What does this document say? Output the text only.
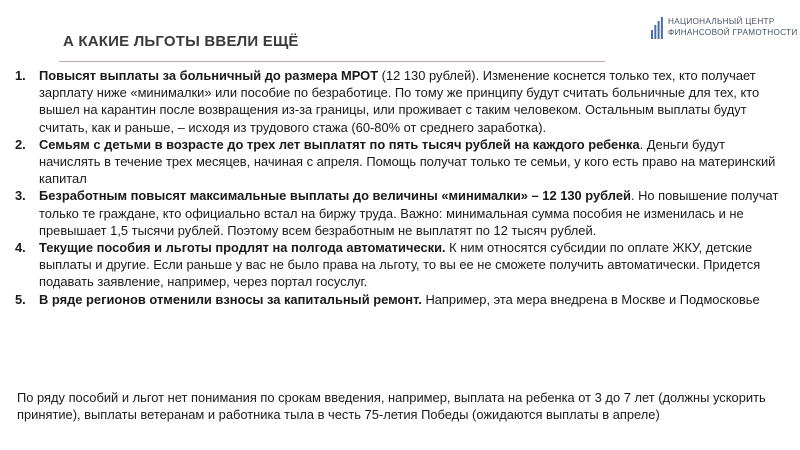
А КАКИЕ ЛЬГОТЫ ВВЕЛИ ЕЩЁ
НАЦИОНАЛЬНЫЙ ЦЕНТР
ФИНАНСОВОЙ ГРАМОТНОСТИ
1. Повысят выплаты за больничный до размера МРОТ (12 130 рублей). Изменение коснется только тех, кто получает зарплату ниже «минималки» или пособие по безработице. По тому же принципу будут считать больничные для тех, кто вышел на карантин после возвращения из-за границы, или проживает с таким человеком. Остальным выплаты будут считать, как и раньше, – исходя из трудового стажа (60-80% от среднего заработка).
2. Семьям с детьми в возрасте до трех лет выплатят по пять тысяч рублей на каждого ребенка. Деньги будут начислять в течение трех месяцев, начиная с апреля. Помощь получат только те семьи, у кого есть право на материнский капитал
3. Безработным повысят максимальные выплаты до величины «минималки» – 12 130 рублей. Но повышение получат только те граждане, кто официально встал на биржу труда. Важно: минимальная сумма пособия не изменилась и не превышает 1,5 тысячи рублей. Поэтому всем безработным не выплатят по 12 тысяч рублей.
4. Текущие пособия и льготы продлят на полгода автоматически. К ним относятся субсидии по оплате ЖКУ, детские выплаты и другие. Если раньше у вас не было права на льготу, то вы ее не сможете получить автоматически. Придется подавать заявление, например, через портал госуслуг.
5. В ряде регионов отменили взносы за капитальный ремонт. Например, эта мера внедрена в Москве и Подмосковье
По ряду пособий и льгот нет понимания по срокам введения, например, выплата на ребенка от 3 до 7 лет (должны ускорить принятие), выплаты ветеранам и работника тыла в честь 75-летия Победы (ожидаются выплаты в апреле)
